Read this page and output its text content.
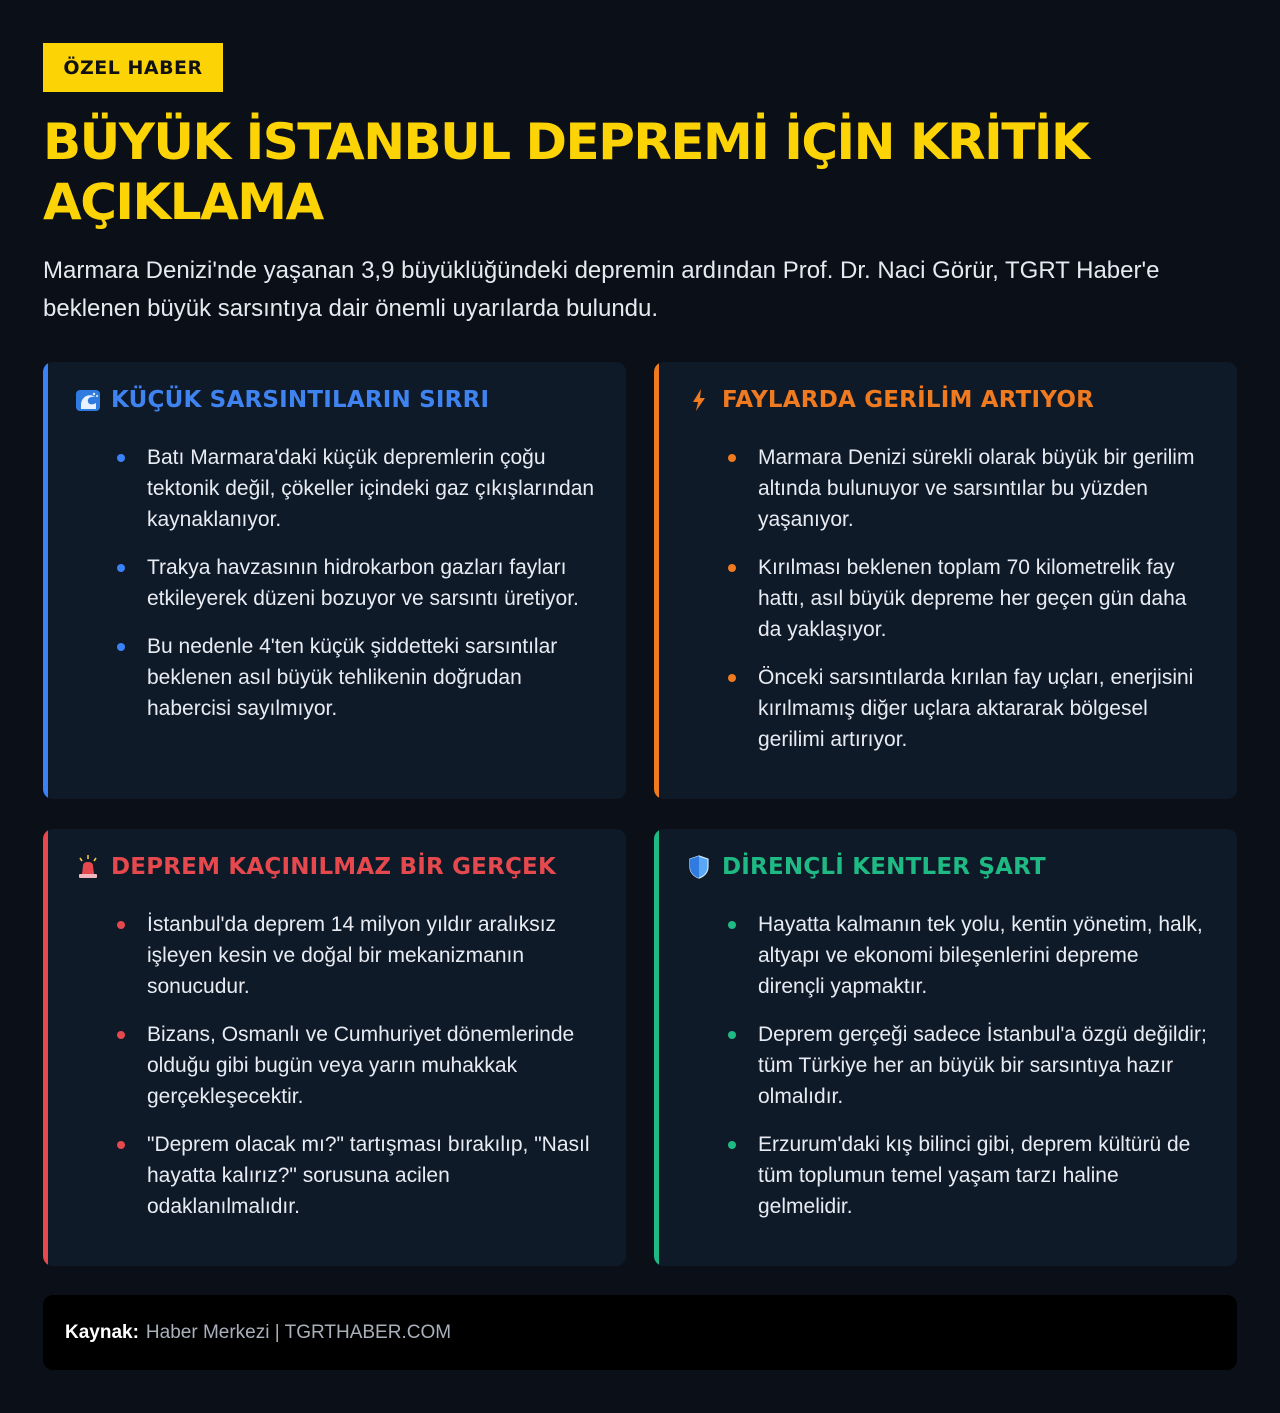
ÖZEL HABER
BÜYÜK İSTANBUL DEPREMİ İÇİN KRİTİK AÇIKLAMA

Marmara Denizi'nde yaşanan 3,9 büyüklüğündeki depremin ardından Prof. Dr. Naci Görür, TGRT Haber'e beklenen büyük sarsıntıya dair önemli uyarılarda bulundu.

KÜÇÜK SARSINTILARIN SIRRI
Batı Marmara'daki küçük depremlerin çoğu tektonik değil, çökeller içindeki gaz çıkışlarından kaynaklanıyor.
Trakya havzasının hidrokarbon gazları fayları etkileyerek düzeni bozuyor ve sarsıntı üretiyor.
Bu nedenle 4'ten küçük şiddetteki sarsıntılar beklenen asıl büyük tehlikenin doğrudan habercisi sayılmıyor.
FAYLARDA GERİLİM ARTIYOR
Marmara Denizi sürekli olarak büyük bir gerilim altında bulunuyor ve sarsıntılar bu yüzden yaşanıyor.
Kırılması beklenen toplam 70 kilometrelik fay hattı, asıl büyük depreme her geçen gün daha da yaklaşıyor.
Önceki sarsıntılarda kırılan fay uçları, enerjisini kırılmamış diğer uçlara aktararak bölgesel gerilimi artırıyor.
DEPREM KAÇINILMAZ BİR GERÇEK
İstanbul'da deprem 14 milyon yıldır aralıksız işleyen kesin ve doğal bir mekanizmanın sonucudur.
Bizans, Osmanlı ve Cumhuriyet dönemlerinde olduğu gibi bugün veya yarın muhakkak gerçekleşecektir.
"Deprem olacak mı?" tartışması bırakılıp, "Nasıl hayatta kalırız?" sorusuna acilen odaklanılmalıdır.
DİRENÇLİ KENTLER ŞART
Hayatta kalmanın tek yolu, kentin yönetim, halk, altyapı ve ekonomi bileşenlerini depreme dirençli yapmaktır.
Deprem gerçeği sadece İstanbul'a özgü değildir; tüm Türkiye her an büyük bir sarsıntıya hazır olmalıdır.
Erzurum'daki kış bilinci gibi, deprem kültürü de tüm toplumun temel yaşam tarzı haline gelmelidir.
Kaynak: Haber Merkezi | TGRTHABER.COM
